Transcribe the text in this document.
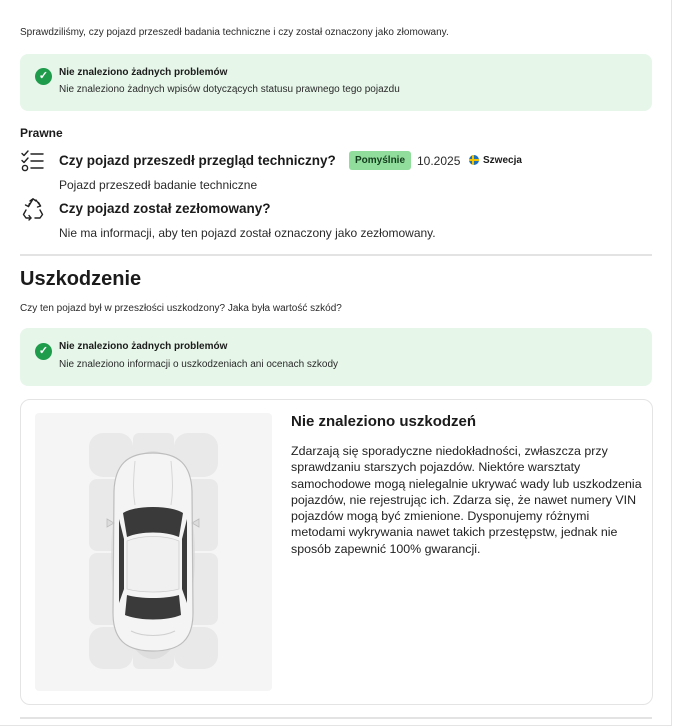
Sprawdziliśmy, czy pojazd przeszedł badania techniczne i czy został oznaczony jako złomowany.
✓	Nie znaleziono żadnych problemów
Nie znaleziono żadnych wpisów dotyczących statusu prawnego tego pojazdu
Prawne
Czy pojazd przeszedł przegląd techniczny?	Pomyślnie 10.2025 Szwecja
Pojazd przeszedł badanie techniczne
Czy pojazd został zezłomowany?
Nie ma informacji, aby ten pojazd został oznaczony jako zezłomowany.
Uszkodzenie
Czy ten pojazd był w przeszłości uszkodzony? Jaka była wartość szkód?
✓	Nie znaleziono żadnych problemów
Nie znaleziono informacji o uszkodzeniach ani ocenach szkody
Nie znaleziono uszkodzeń
Zdarzają się sporadyczne niedokładności, zwłaszcza przy sprawdzaniu starszych pojazdów. Niektóre warsztaty samochodowe mogą nielegalnie ukrywać wady lub uszkodzenia pojazdów, nie rejestrując ich. Zdarza się, że nawet numery VIN pojazdów mogą być zmienione. Dysponujemy różnymi metodami wykrywania nawet takich przestępstw, jednak nie sposób zapewnić 100% gwarancji.
